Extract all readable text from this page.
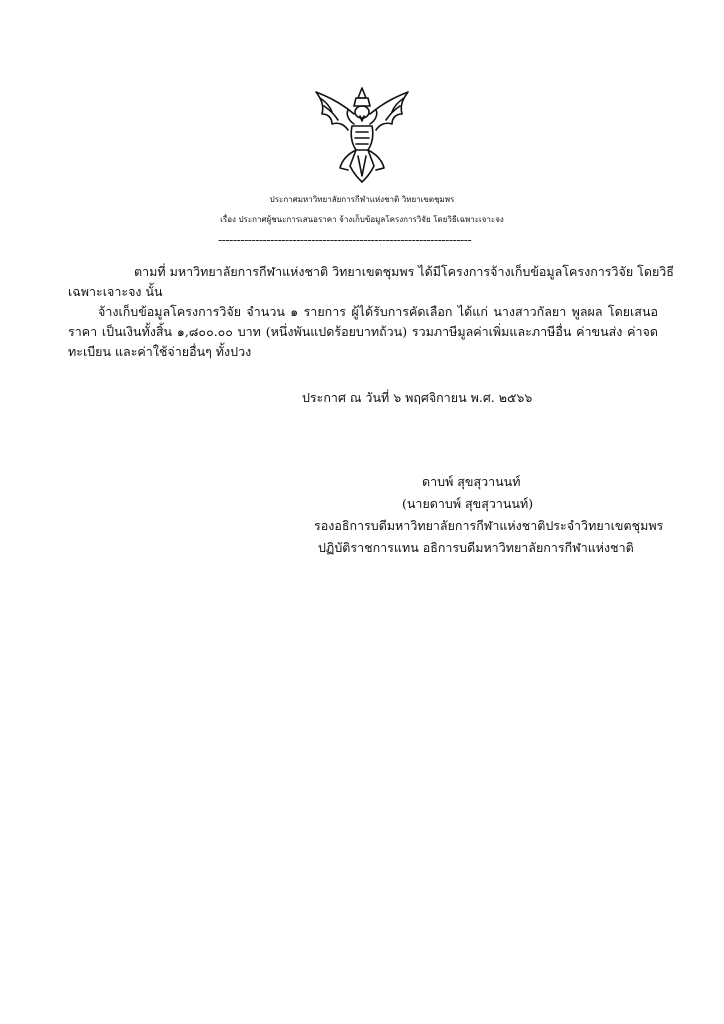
ประกาศมหาวิทยาลัยการกีฬาแห่งชาติ วิทยาเขตชุมพร
เรื่อง ประกาศผู้ชนะการเสนอราคา จ้างเก็บข้อมูลโครงการวิจัย โดยวิธีเฉพาะเจาะจง
--------------------------------------------------------------------
ตามที่ มหาวิทยาลัยการกีฬาแห่งชาติ วิทยาเขตชุมพร ได้มีโครงการจ้างเก็บข้อมูลโครงการวิจัย โดยวิธี
เฉพาะเจาะจง นั้น
จ้างเก็บข้อมูลโครงการวิจัย จำนวน ๑ รายการ ผู้ได้รับการคัดเลือก ได้แก่ นางสาวกัลยา พูลผล โดยเสนอ
ราคา เป็นเงินทั้งสิ้น ๑,๘๐๐.๐๐ บาท (หนึ่งพันแปดร้อยบาทถ้วน) รวมภาษีมูลค่าเพิ่มและภาษีอื่น ค่าขนส่ง ค่าจด
ทะเบียน และค่าใช้จ่ายอื่นๆ ทั้งปวง
ประกาศ ณ วันที่ ๖ พฤศจิกายน พ.ศ. ๒๕๖๖
ดาบพ์ สุขสุวานนท์
(นายดาบพ์ สุขสุวานนท์)
รองอธิการบดีมหาวิทยาลัยการกีฬาแห่งชาติประจำวิทยาเขตชุมพร
ปฏิบัติราชการแทน อธิการบดีมหาวิทยาลัยการกีฬาแห่งชาติ
